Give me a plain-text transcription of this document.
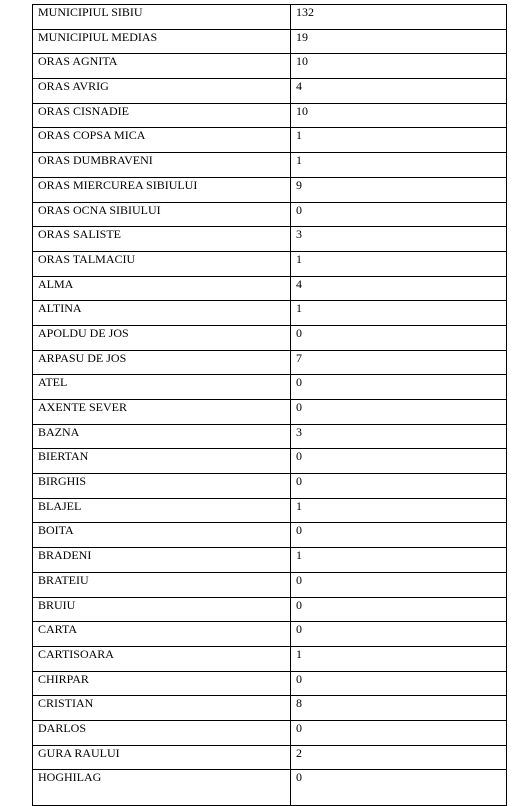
MUNICIPIUL SIBIU	132
MUNICIPIUL MEDIAS	19
ORAS AGNITA	10
ORAS AVRIG	4
ORAS CISNADIE	10
ORAS COPSA MICA	1
ORAS DUMBRAVENI	1
ORAS MIERCUREA SIBIULUI	9
ORAS OCNA SIBIULUI	0
ORAS SALISTE	3
ORAS TALMACIU	1
ALMA	4
ALTINA	1
APOLDU DE JOS	0
ARPASU DE JOS	7
ATEL	0
AXENTE SEVER	0
BAZNA	3
BIERTAN	0
BIRGHIS	0
BLAJEL	1
BOITA	0
BRADENI	1
BRATEIU	0
BRUIU	0
CARTA	0
CARTISOARA	1
CHIRPAR	0
CRISTIAN	8
DARLOS	0
GURA RAULUI	2
HOGHILAG	0
